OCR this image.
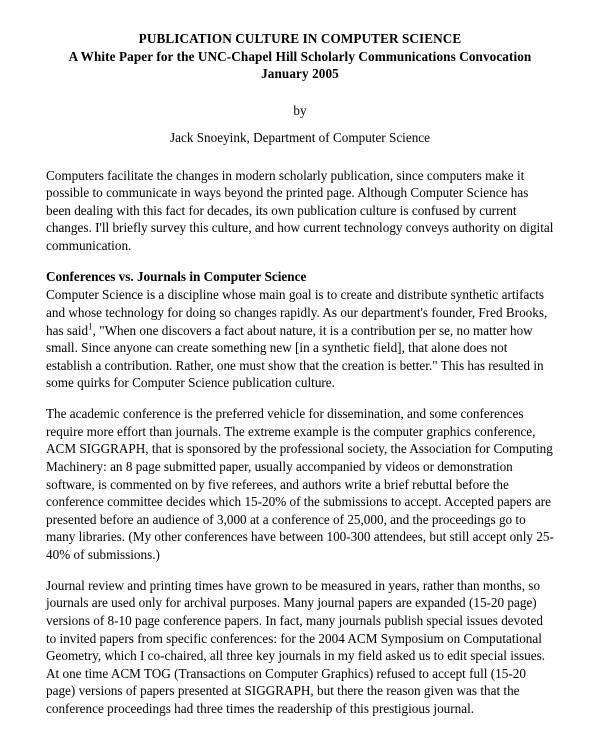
PUBLICATION CULTURE IN COMPUTER SCIENCE
A White Paper for the UNC-Chapel Hill Scholarly Communications Convocation
January 2005
by
Jack Snoeyink, Department of Computer Science

Computers facilitate the changes in modern scholarly publication, since computers make it possible to communicate in ways beyond the printed page. Although Computer Science has been dealing with this fact for decades, its own publication culture is confused by current changes. I'll briefly survey this culture, and how current technology conveys authority on digital communication.

Conferences vs. Journals in Computer Science

Computer Science is a discipline whose main goal is to create and distribute synthetic artifacts and whose technology for doing so changes rapidly. As our department's founder, Fred Brooks, has said$^1$, "When one discovers a fact about nature, it is a contribution per se, no matter how small. Since anyone can create something new [in a synthetic field], that alone does not establish a contribution. Rather, one must show that the creation is better." This has resulted in some quirks for Computer Science publication culture.

The academic conference is the preferred vehicle for dissemination, and some conferences require more effort than journals. The extreme example is the computer graphics conference, ACM SIGGRAPH, that is sponsored by the professional society, the Association for Computing Machinery: an 8 page submitted paper, usually accompanied by videos or demonstration software, is commented on by five referees, and authors write a brief rebuttal before the conference committee decides which 15-20% of the submissions to accept. Accepted papers are presented before an audience of 3,000 at a conference of 25,000, and the proceedings go to many libraries. (My other conferences have between 100-300 attendees, but still accept only 25-40% of submissions.)

Journal review and printing times have grown to be measured in years, rather than months, so journals are used only for archival purposes. Many journal papers are expanded (15-20 page) versions of 8-10 page conference papers. In fact, many journals publish special issues devoted to invited papers from specific conferences: for the 2004 ACM Symposium on Computational Geometry, which I co-chaired, all three key journals in my field asked us to edit special issues. At one time ACM TOG (Transactions on Computer Graphics) refused to accept full (15-20 page) versions of papers presented at SIGGRAPH, but there the reason given was that the conference proceedings had three times the readership of this prestigious journal.
